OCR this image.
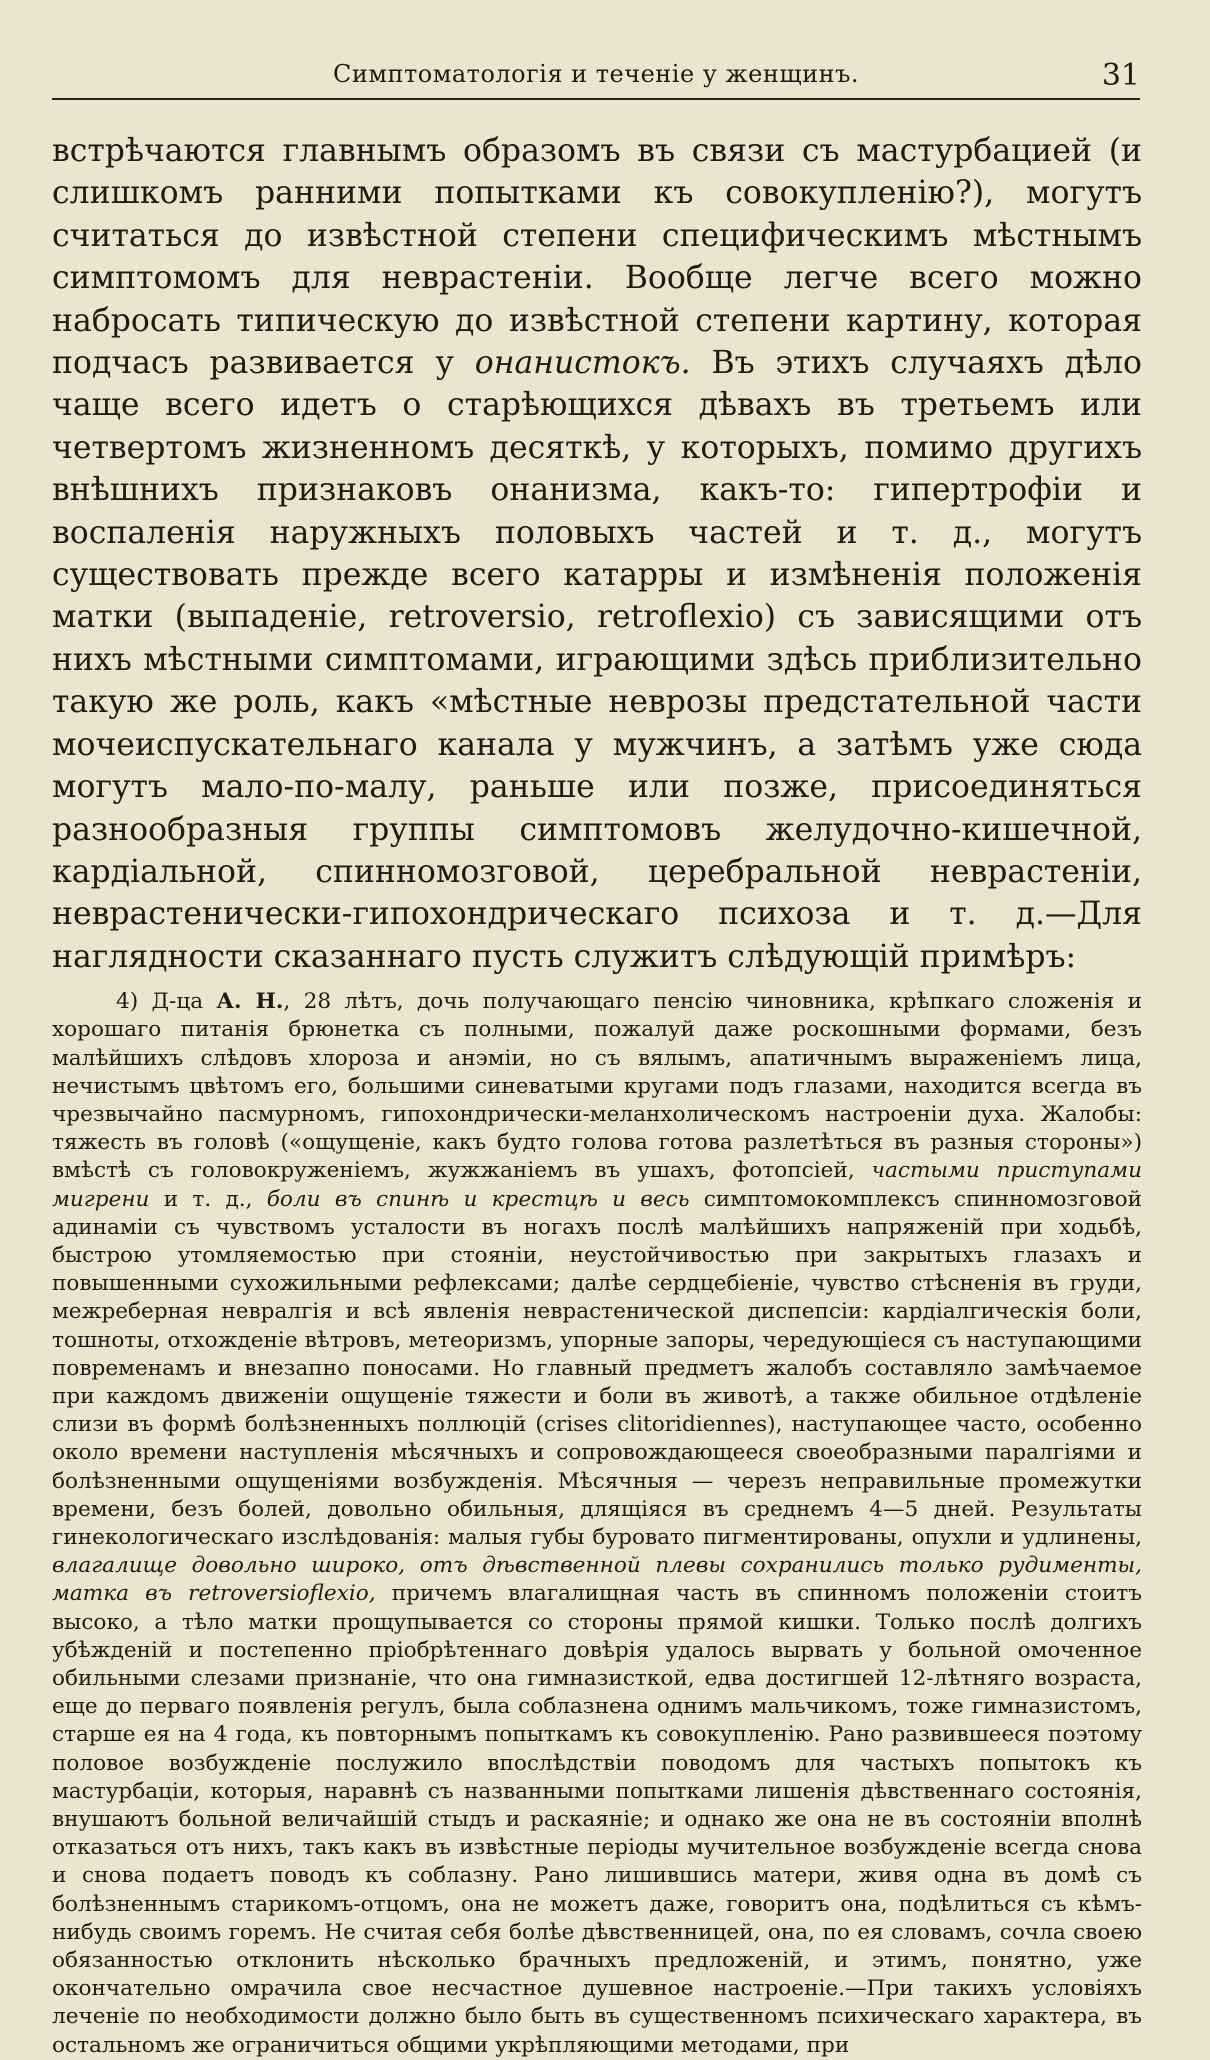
Симптоматологія и теченіе у женщинъ.	31

встрѣчаются главнымъ образомъ въ связи съ мастурбацией (и слишкомъ ранними попытками къ совокупленію?), могутъ считаться до извѣстной степени специфическимъ мѣстнымъ симптомомъ для неврастеніи. Вообще легче всего можно набросать типическую до извѣстной степени картину, которая подчасъ развивается у онанистокъ. Въ этихъ случаяхъ дѣло чаще всего идетъ о старѣющихся дѣвахъ въ третьемъ или четвертомъ жизненномъ десяткѣ, у которыхъ, помимо другихъ внѣшнихъ признаковъ онанизма, какъ-то: гипертрофіи и воспаленія наружныхъ половыхъ частей и т. д., могутъ существовать прежде всего катарры и измѣненія положенія матки (выпаденіе, retroversio, retroflexio) съ зависящими отъ нихъ мѣстными симптомами, играющими здѣсь приблизительно такую же роль, какъ «мѣстные неврозы предстательной части мочеиспускательнаго канала у мужчинъ, а затѣмъ уже сюда могутъ мало-по-малу, раньше или позже, присоединяться разнообразныя группы симптомовъ желудочно-кишечной, кардіальной, спинномозговой, церебральной неврастеніи, неврастенически-гипохондрическаго психоза и т. д.—Для наглядности сказаннаго пусть служитъ слѣдующій примѣръ:

4) Д-ца А. Н., 28 лѣтъ, дочь получающаго пенсію чиновника, крѣпкаго сложенія и хорошаго питанія брюнетка съ полными, пожалуй даже роскошными формами, безъ малѣйшихъ слѣдовъ хлороза и анэміи, но съ вялымъ, апатичнымъ выраженіемъ лица, нечистымъ цвѣтомъ его, большими синеватыми кругами подъ глазами, находится всегда въ чрезвычайно пасмурномъ, гипохондрически-меланхолическомъ настроеніи духа. Жалобы: тяжесть въ головѣ («ощущеніе, какъ будто голова готова разлетѣться въ разныя стороны») вмѣстѣ съ головокруженіемъ, жужжаніемъ въ ушахъ, фотопсіей, частыми приступами мигрени и т. д., боли въ спинѣ и крестцѣ и весь симптомокомплексъ спинномозговой адинаміи съ чувствомъ усталости въ ногахъ послѣ малѣйшихъ напряженій при ходьбѣ, быстрою утомляемостью при стояніи, неустойчивостью при закрытыхъ глазахъ и повышенными сухожильными рефлексами; далѣе сердцебіеніе, чувство стѣсненія въ груди, межреберная невралгія и всѣ явленія неврастенической диспепсіи: кардіалгическія боли, тошноты, отхожденіе вѣтровъ, метеоризмъ, упорные запоры, чередующіеся съ наступающими повременамъ и внезапно поносами. Но главный предметъ жалобъ составляло замѣчаемое при каждомъ движеніи ощущеніе тяжести и боли въ животѣ, а также обильное отдѣленіе слизи въ формѣ болѣзненныхъ поллюцій (crises clitoridiennes), наступающее часто, особенно около времени наступленія мѣсячныхъ и сопровождающееся своеобразными паралгіями и болѣзненными ощущеніями возбужденія. Мѣсячныя — черезъ неправильные промежутки времени, безъ болей, довольно обильныя, длящіяся въ среднемъ 4—5 дней. Результаты гинекологическаго изслѣдованія: малыя губы буровато пигментированы, опухли и удлинены, влагалище довольно широко, отъ дѣвственной плевы сохранились только рудименты, матка въ retroversioflexio, причемъ влагалищная часть въ спинномъ положеніи стоитъ высоко, а тѣло матки прощупывается со стороны прямой кишки. Только послѣ долгихъ убѣжденій и постепенно пріобрѣтеннаго довѣрія удалось вырвать у больной омоченное обильными слезами признаніе, что она гимназисткой, едва достигшей 12-лѣтняго возраста, еще до перваго появленія регулъ, была соблазнена однимъ мальчикомъ, тоже гимназистомъ, старше ея на 4 года, къ повторнымъ попыткамъ къ совокупленію. Рано развившееся поэтому половое возбужденіе послужило впослѣдствіи поводомъ для частыхъ попытокъ къ мастурбаціи, которыя, наравнѣ съ названными попытками лишенія дѣвственнаго состоянія, внушаютъ больной величайшій стыдъ и раскаяніе; и однако же она не въ состояніи вполнѣ отказаться отъ нихъ, такъ какъ въ извѣстные періоды мучительное возбужденіе всегда снова и снова подаетъ поводъ къ соблазну. Рано лишившись матери, живя одна въ домѣ съ болѣзненнымъ старикомъ-отцомъ, она не можетъ даже, говоритъ она, подѣлиться съ кѣмъ-нибудь своимъ горемъ. Не считая себя болѣе дѣвственницей, она, по ея словамъ, сочла своею обязанностью отклонить нѣсколько брачныхъ предложеній, и этимъ, понятно, уже окончательно омрачила свое несчастное душевное настроеніе.—При такихъ условіяхъ леченіе по необходимости должно было быть въ существенномъ психическаго характера, въ остальномъ же ограничиться общими укрѣпляющими методами, при
